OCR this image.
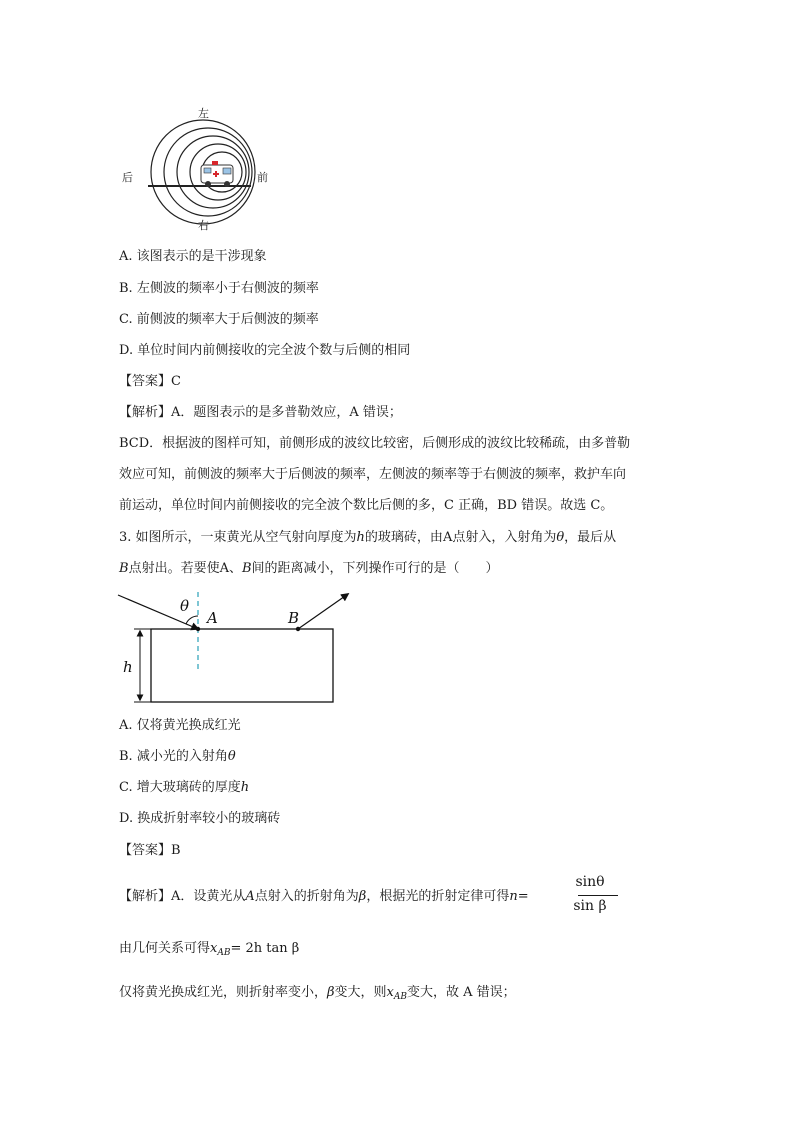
左
右
后	前
A. 该图表示的是干涉现象
B. 左侧波的频率小于右侧波的频率
C. 前侧波的频率大于后侧波的频率
D. 单位时间内前侧接收的完全波个数与后侧的相同
【答案】C
【解析】A．题图表示的是多普勒效应，A 错误；
BCD．根据波的图样可知，前侧形成的波纹比较密，后侧形成的波纹比较稀疏，由多普勒
效应可知，前侧波的频率大于后侧波的频率，左侧波的频率等于右侧波的频率，救护车向
前运动，单位时间内前侧接收的完全波个数比后侧的多，C 正确，BD 错误。故选 C。
3. 如图所示，一束黄光从空气射向厚度为h的玻璃砖，由A点射入，入射角为θ，最后从
B点射出。若要使A、B间的距离减小，下列操作可行的是（　　）
θ
A	B
h
A. 仅将黄光换成红光
B. 减小光的入射角θ
C. 增大玻璃砖的厚度h
D. 换成折射率较小的玻璃砖
【答案】B
【解析】A．设黄光从A点射入的折射角为β，根据光的折射定律可得n=
sinθ
sin β
由几何关系可得$x_{AB}= 2h$ tan β
仅将黄光换成红光，则折射率变小，β变大，则$x_{AB}$变大，故 A 错误；
